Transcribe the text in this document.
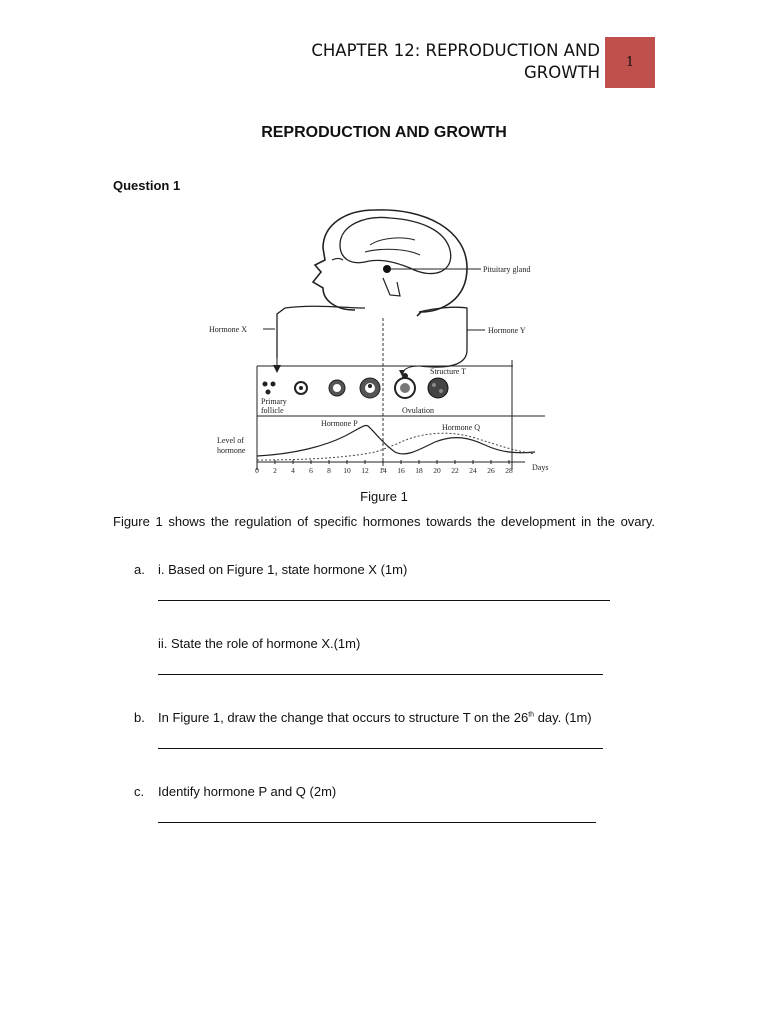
CHAPTER 12: REPRODUCTION AND
GROWTH
1
REPRODUCTION AND GROWTH
Question 1
Pituitary gland
Hormone X	Hormone Y
Structure T
Primary
follicle	Ovulation
Hormone P	Hormone Q
Level of
hormone
0 2 4 6 8 10 12 14 16 18 20 22 24 26 28 Days
Figure 1
Figure 1 shows the regulation of specific hormones towards the development in the ovary.
a. i. Based on Figure 1, state hormone X (1m)
ii. State the role of hormone X.(1m)
b. In Figure 1, draw the change that occurs to structure T on the 26th day. (1m)
c. Identify hormone P and Q (2m)
